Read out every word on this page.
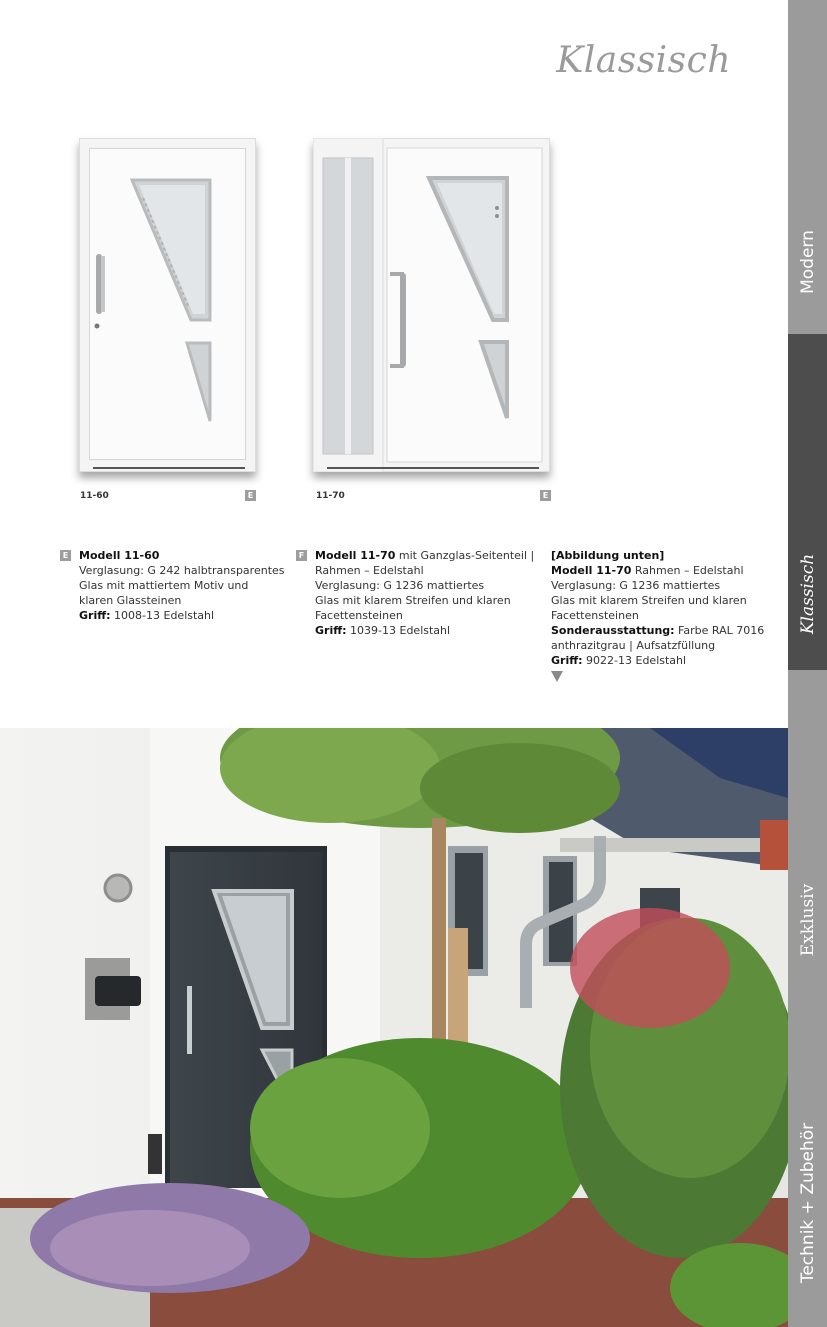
Klassisch
Modern
Klassisch
Exklusiv
Technik + Zubehör
11-60	E	11-70	E
E Modell 11-60
Verglasung: G 242 halbtransparentes
Glas mit mattiertem Motiv und
klaren Glassteinen
Griff: 1008-13 Edelstahl
F Modell 11-70 mit Ganzglas-Seitenteil |
Rahmen – Edelstahl
Verglasung: G 1236 mattiertes
Glas mit klarem Streifen und klaren
Facettensteinen
Griff: 1039-13 Edelstahl
[Abbildung unten]
Modell 11-70 Rahmen – Edelstahl
Verglasung: G 1236 mattiertes
Glas mit klarem Streifen und klaren
Facettensteinen
Sonderausstattung: Farbe RAL 7016
anthrazitgrau | Aufsatzfüllung
Griff: 9022-13 Edelstahl
